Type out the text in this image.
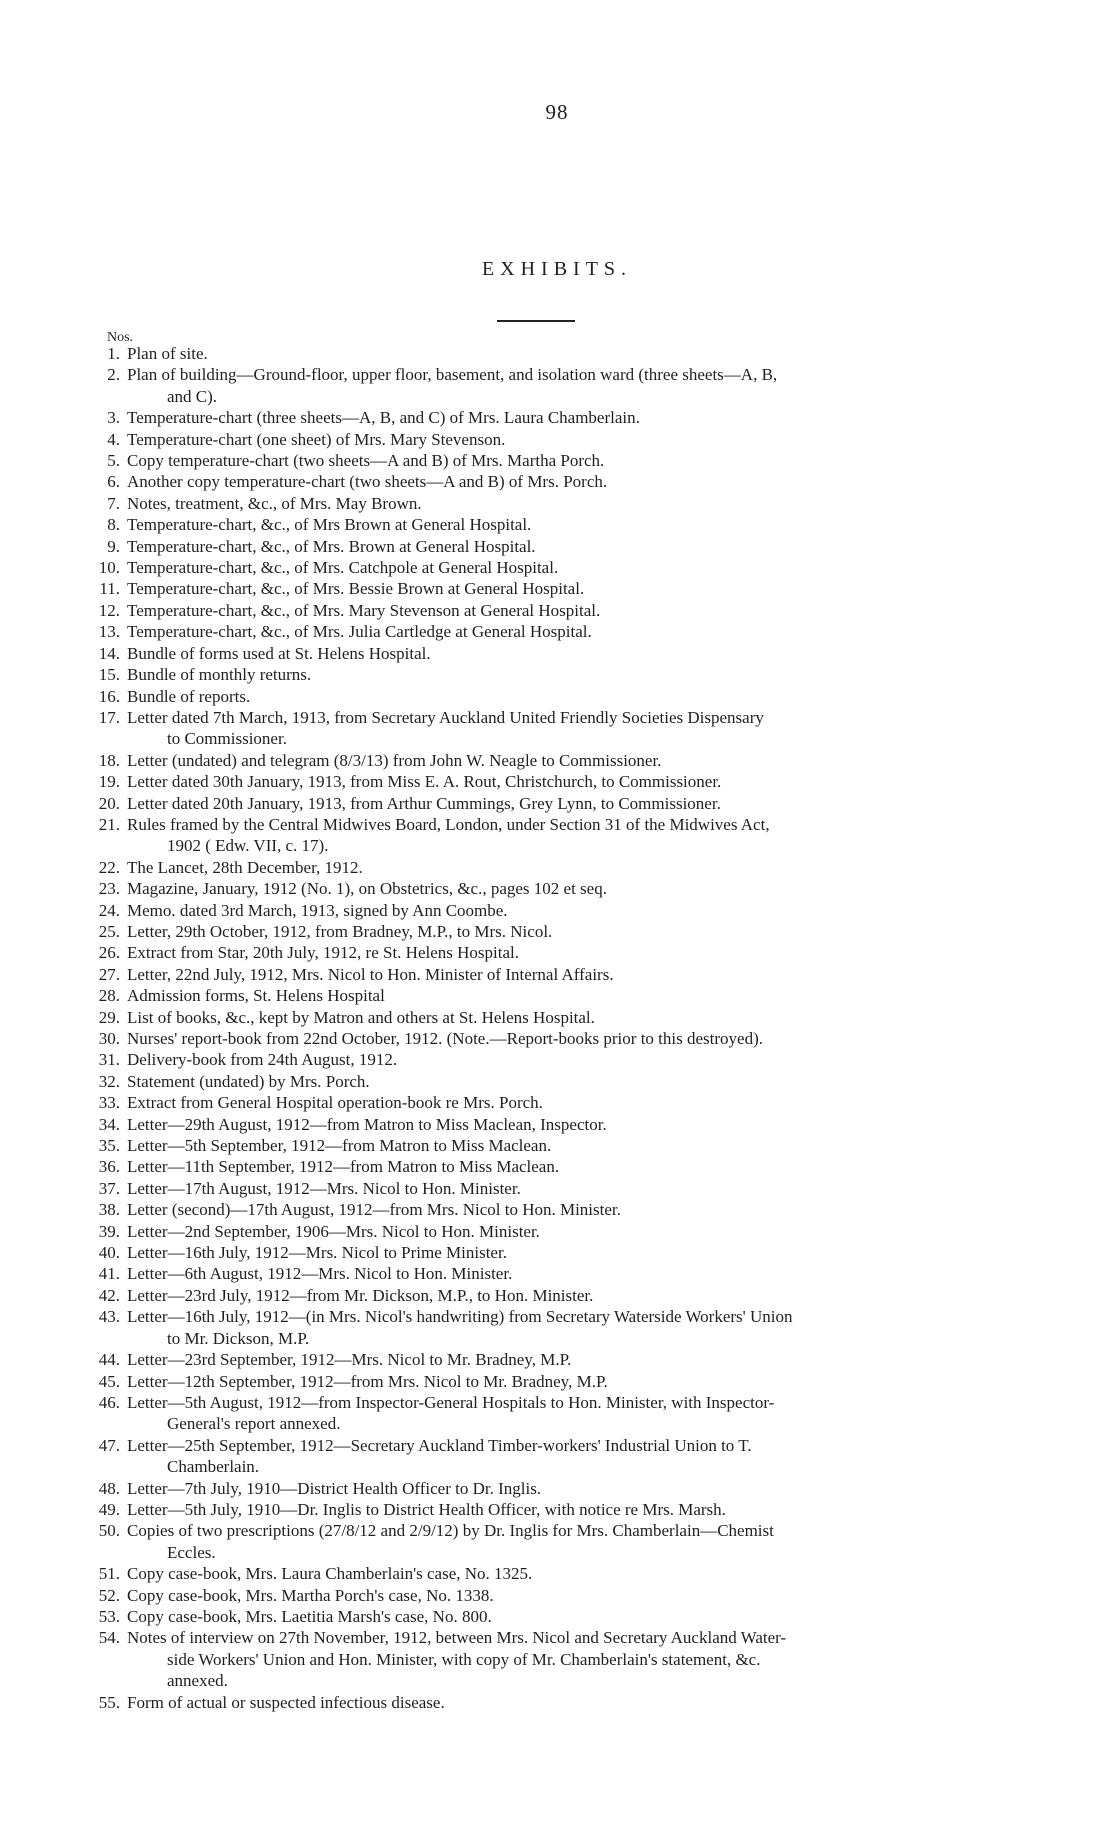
98
EXHIBITS.
Nos.
1. Plan of site.
2. Plan of building—Ground-floor, upper floor, basement, and isolation ward (three sheets—A, B,
and C).
3. Temperature-chart (three sheets—A, B, and C) of Mrs. Laura Chamberlain.
4. Temperature-chart (one sheet) of Mrs. Mary Stevenson.
5. Copy temperature-chart (two sheets—A and B) of Mrs. Martha Porch.
6. Another copy temperature-chart (two sheets—A and B) of Mrs. Porch.
7. Notes, treatment, &c., of Mrs. May Brown.
8. Temperature-chart, &c., of Mrs Brown at General Hospital.
9. Temperature-chart, &c., of Mrs. Brown at General Hospital.
10. Temperature-chart, &c., of Mrs. Catchpole at General Hospital.
11. Temperature-chart, &c., of Mrs. Bessie Brown at General Hospital.
12. Temperature-chart, &c., of Mrs. Mary Stevenson at General Hospital.
13. Temperature-chart, &c., of Mrs. Julia Cartledge at General Hospital.
14. Bundle of forms used at St. Helens Hospital.
15. Bundle of monthly returns.
16. Bundle of reports.
17. Letter dated 7th March, 1913, from Secretary Auckland United Friendly Societies Dispensary
to Commissioner.
18. Letter (undated) and telegram (8/3/13) from John W. Neagle to Commissioner.
19. Letter dated 30th January, 1913, from Miss E. A. Rout, Christchurch, to Commissioner.
20. Letter dated 20th January, 1913, from Arthur Cummings, Grey Lynn, to Commissioner.
21. Rules framed by the Central Midwives Board, London, under Section 31 of the Midwives Act,
1902 ( Edw. VII, c. 17).
22. The Lancet, 28th December, 1912.
23. Magazine, January, 1912 (No. 1), on Obstetrics, &c., pages 102 et seq.
24. Memo. dated 3rd March, 1913, signed by Ann Coombe.
25. Letter, 29th October, 1912, from Bradney, M.P., to Mrs. Nicol.
26. Extract from Star, 20th July, 1912, re St. Helens Hospital.
27. Letter, 22nd July, 1912, Mrs. Nicol to Hon. Minister of Internal Affairs.
28. Admission forms, St. Helens Hospital
29. List of books, &c., kept by Matron and others at St. Helens Hospital.
30. Nurses' report-book from 22nd October, 1912. (Note.—Report-books prior to this destroyed).
31. Delivery-book from 24th August, 1912.
32. Statement (undated) by Mrs. Porch.
33. Extract from General Hospital operation-book re Mrs. Porch.
34. Letter—29th August, 1912—from Matron to Miss Maclean, Inspector.
35. Letter—5th September, 1912—from Matron to Miss Maclean.
36. Letter—11th September, 1912—from Matron to Miss Maclean.
37. Letter—17th August, 1912—Mrs. Nicol to Hon. Minister.
38. Letter (second)—17th August, 1912—from Mrs. Nicol to Hon. Minister.
39. Letter—2nd September, 1906—Mrs. Nicol to Hon. Minister.
40. Letter—16th July, 1912—Mrs. Nicol to Prime Minister.
41. Letter—6th August, 1912—Mrs. Nicol to Hon. Minister.
42. Letter—23rd July, 1912—from Mr. Dickson, M.P., to Hon. Minister.
43. Letter—16th July, 1912—(in Mrs. Nicol's handwriting) from Secretary Waterside Workers' Union
to Mr. Dickson, M.P.
44. Letter—23rd September, 1912—Mrs. Nicol to Mr. Bradney, M.P.
45. Letter—12th September, 1912—from Mrs. Nicol to Mr. Bradney, M.P.
46. Letter—5th August, 1912—from Inspector-General Hospitals to Hon. Minister, with Inspector-
General's report annexed.
47. Letter—25th September, 1912—Secretary Auckland Timber-workers' Industrial Union to T.
Chamberlain.
48. Letter—7th July, 1910—District Health Officer to Dr. Inglis.
49. Letter—5th July, 1910—Dr. Inglis to District Health Officer, with notice re Mrs. Marsh.
50. Copies of two prescriptions (27/8/12 and 2/9/12) by Dr. Inglis for Mrs. Chamberlain—Chemist
Eccles.
51. Copy case-book, Mrs. Laura Chamberlain's case, No. 1325.
52. Copy case-book, Mrs. Martha Porch's case, No. 1338.
53. Copy case-book, Mrs. Laetitia Marsh's case, No. 800.
54. Notes of interview on 27th November, 1912, between Mrs. Nicol and Secretary Auckland Water-
side Workers' Union and Hon. Minister, with copy of Mr. Chamberlain's statement, &c.
annexed.
55. Form of actual or suspected infectious disease.
